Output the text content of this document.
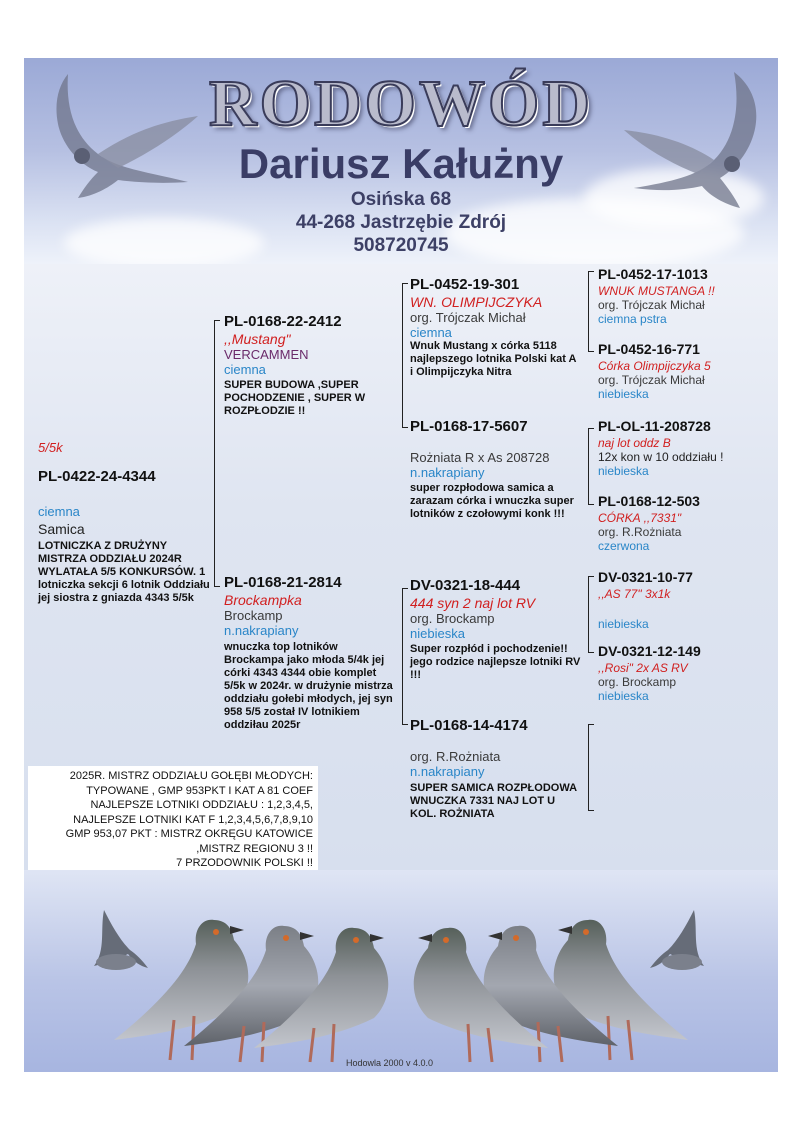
RODOWÓD
Dariusz Kałużny
Osińska 68
44-268 Jastrzębie Zdrój
508720745
5/5k
PL-0422-24-4344
ciemna
Samica
LOTNICZKA Z DRUŻYNY MISTRZA ODDZIAŁU 2024R WYLATAŁA 5/5 KONKURSÓW. 1 lotniczka sekcji 6 lotnik Oddziału jej siostra z gniazda 4343 5/5k
PL-0168-22-2412
,,Mustang"
VERCAMMEN
ciemna
SUPER BUDOWA ,SUPER POCHODZENIE , SUPER W ROZPŁODZIE !!
PL-0168-21-2814
Brockampka
Brockamp
n.nakrapiany
wnuczka top lotników Brockampa jako młoda 5/4k jej córki 4343 4344 obie komplet 5/5k w 2024r. w drużynie mistrza oddziału gołebi młodych, jej syn 958 5/5 został IV lotnikiem oddziłau 2025r
PL-0452-19-301
WN. OLIMPIJCZYKA
org. Trójczak Michał
ciemna
Wnuk Mustang x córka 5118 najlepszego lotnika Polski kat A i Olimpijczyka Nitra
PL-0168-17-5607
Rożniata R x As 208728
n.nakrapiany
super rozpłodowa samica a zarazam córka i wnuczka super lotników z czołowymi konk !!!
DV-0321-18-444
444 syn 2 naj lot RV
org. Brockamp
niebieska
Super rozpłód i pochodzenie!! jego rodzice najlepsze lotniki RV !!!
PL-0168-14-4174
org. R.Rożniata
n.nakrapiany
SUPER SAMICA ROZPŁODOWA WNUCZKA 7331 NAJ LOT U KOL. ROŻNIATA
PL-0452-17-1013
WNUK MUSTANGA !!
org. Trójczak Michał
ciemna pstra
PL-0452-16-771
Córka Olimpijczyka 5
org. Trójczak Michał
niebieska
PL-OL-11-208728
naj lot oddz B
12x kon w 10 oddziału !
niebieska
PL-0168-12-503
CÓRKA ,,7331"
org. R.Rożniata
czerwona
DV-0321-10-77
,,AS 77" 3x1k
niebieska
DV-0321-12-149
,,Rosi" 2x AS RV
org. Brockamp
niebieska
2025R. MISTRZ ODDZIAŁU GOŁĘBI MŁODYCH:
TYPOWANE , GMP 953PKT I KAT A 81 COEF
NAJLEPSZE LOTNIKI ODDZIAŁU : 1,2,3,4,5,
NAJLEPSZE LOTNIKI KAT F 1,2,3,4,5,6,7,8,9,10
GMP 953,07 PKT : MISTRZ OKRĘGU KATOWICE
,MISTRZ REGIONU 3 !!
7 PRZODOWNIK POLSKI !!
Hodowla 2000 v 4.0.0
